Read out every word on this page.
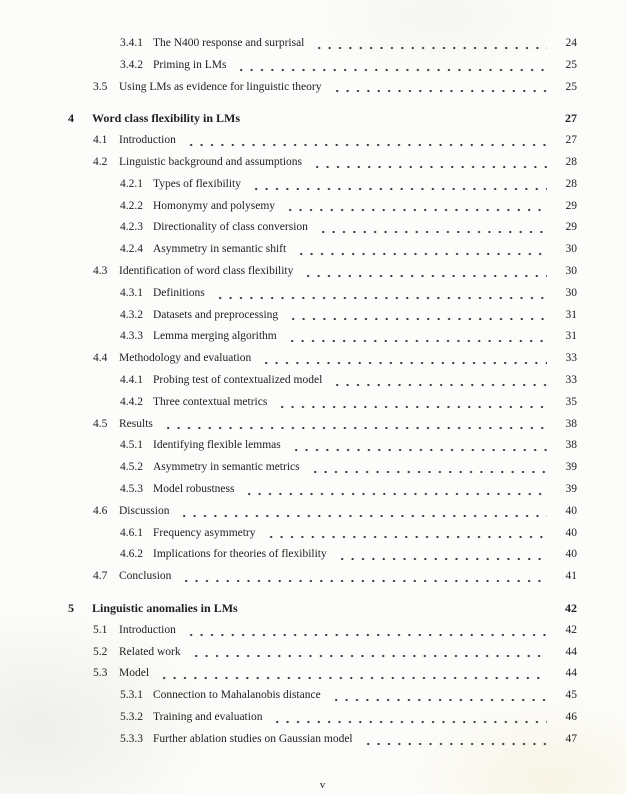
3.4.1 The N400 response and surprisal	24
3.4.2 Priming in LMs	25
3.5	Using LMs as evidence for linguistic theory	25
4	Word class flexibility in LMs	27
4.1	Introduction	27
4.2	Linguistic background and assumptions	28
4.2.1 Types of flexibility	28
4.2.2 Homonymy and polysemy	29
4.2.3 Directionality of class conversion	29
4.2.4 Asymmetry in semantic shift	30
4.3	Identification of word class flexibility	30
4.3.1 Definitions	30
4.3.2 Datasets and preprocessing	31
4.3.3 Lemma merging algorithm	31
4.4	Methodology and evaluation	33
4.4.1 Probing test of contextualized model	33
4.4.2 Three contextual metrics	35
4.5	Results	38
4.5.1 Identifying flexible lemmas	38
4.5.2 Asymmetry in semantic metrics	39
4.5.3 Model robustness	39
4.6	Discussion	40
4.6.1 Frequency asymmetry	40
4.6.2 Implications for theories of flexibility	40
4.7	Conclusion	41
5	Linguistic anomalies in LMs	42
5.1	Introduction	42
5.2	Related work	44
5.3	Model	44
5.3.1 Connection to Mahalanobis distance	45
5.3.2 Training and evaluation	46
5.3.3 Further ablation studies on Gaussian model	47
v
